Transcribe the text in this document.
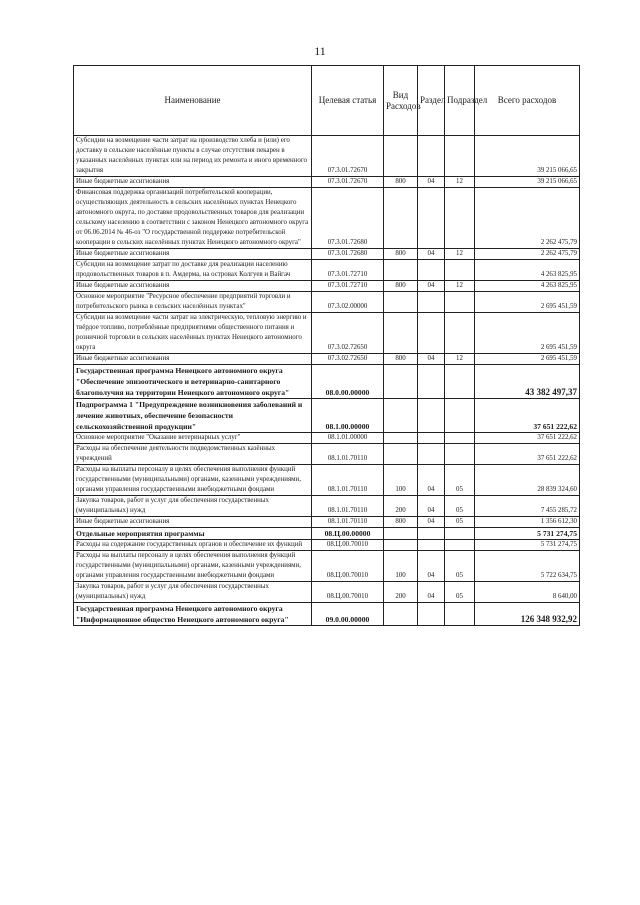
11
Наименование	Целевая статья	Вид Расходов	Раздел	Подраздел	Всего расходов
Субсидии на возмещение части затрат на производство хлеба и (или) его доставку в сельские населённые пункты в случае отсутствия пекарен в указанных населённых пунктах или на период их ремонта и иного временного закрытия	07.3.01.72670				39 215 066,65
Иные бюджетные ассигнования	07.3.01.72670	800	04	12	39 215 066,65
Финансовая поддержка организаций потребительской кооперации, осуществляющих деятельность в сельских населённых пунктах Ненецкого автономного округа, по доставке продовольственных товаров для реализации сельскому населению в соответствии с законом Ненецкого автономного округа от 06.06.2014 № 46-оз "О государственной поддержке потребительской кооперации в сельских населённых пунктах Ненецкого автономного округа"	07.3.01.72680				2 262 475,79
Иные бюджетные ассигнования	07.3.01.72680	800	04	12	2 262 475,79
Субсидии на возмещение затрат по доставке для реализации населению продовольственных товаров в п. Амдерма, на островах Колгуев и Вайгач	07.3.01.72710				4 263 825,95
Иные бюджетные ассигнования	07.3.01.72710	800	04	12	4 263 825,95
Основное мероприятие "Ресурсное обеспечение предприятий торговли и потребительского рынка в сельских населённых пунктах"	07.3.02.00000				2 695 451,59
Субсидии на возмещение части затрат на электрическую, тепловую энергию и твёрдое топливо, потреблённые предприятиями общественного питания и розничной торговли в сельских населённых пунктах Ненецкого автономного округа	07.3.02.72650				2 695 451,59
Иные бюджетные ассигнования	07.3.02.72650	800	04	12	2 695 451,59
Государственная программа Ненецкого автономного округа "Обеспечение эпизоотического и ветеринарно-санитарного благополучия на территории Ненецкого автономного округа"	08.0.00.00000				43 382 497,37
Подпрограмма 1 "Предупреждение возникновения заболеваний и лечение животных, обеспечение безопасности сельскохозяйственной продукции"	08.1.00.00000				37 651 222,62
Основное мероприятие "Оказание ветеринарных услуг"	08.1.01.00000				37 651 222,62
Расходы на обеспечение деятельности подведомственных казённых учреждений	08.1.01.70110				37 651 222,62
Расходы на выплаты персоналу в целях обеспечения выполнения функций государственными (муниципальными) органами, казенными учреждениями, органами управления государственными внебюджетными фондами	08.1.01.70110	100	04	05	28 839 324,60
Закупка товаров, работ и услуг для обеспечения государственных (муниципальных) нужд	08.1.01.70110	200	04	05	7 455 285,72
Иные бюджетные ассигнования	08.1.01.70110	800	04	05	1 356 612,30
Отдельные мероприятия программы	08.Ц.00.00000				5 731 274,75
Расходы на содержание государственных органов и обеспечение их функций	08.Ц.00.70010				5 731 274,75
Расходы на выплаты персоналу в целях обеспечения выполнения функций государственными (муниципальными) органами, казенными учреждениями, органами управления государственными внебюджетными фондами	08.Ц.00.70010	100	04	05	5 722 634,75
Закупка товаров, работ и услуг для обеспечения государственных (муниципальных) нужд	08.Ц.00.70010	200	04	05	8 640,00
Государственная программа Ненецкого автономного округа "Информационное общество Ненецкого автономного округа"	09.0.00.00000				126 348 932,92
